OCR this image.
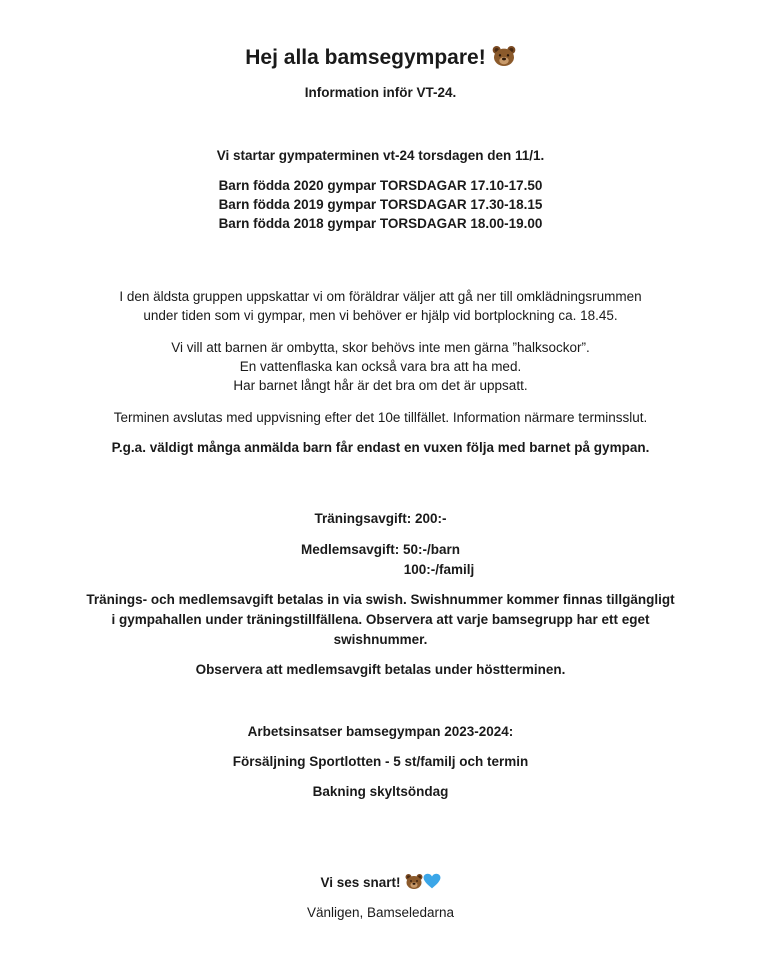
Hej alla bamsegympare!
Information inför VT-24.
Vi startar gympaterminen vt-24 torsdagen den 11/1.
Barn födda 2020 gympar TORSDAGAR 17.10-17.50
Barn födda 2019 gympar TORSDAGAR 17.30-18.15
Barn födda 2018 gympar TORSDAGAR 18.00-19.00
I den äldsta gruppen uppskattar vi om föräldrar väljer att gå ner till omklädningsrummen
under tiden som vi gympar, men vi behöver er hjälp vid bortplockning ca. 18.45.
Vi vill att barnen är ombytta, skor behövs inte men gärna ”halksockor”.
En vattenflaska kan också vara bra att ha med.
Har barnet långt hår är det bra om det är uppsatt.
Terminen avslutas med uppvisning efter det 10e tillfället. Information närmare terminsslut.
P.g.a. väldigt många anmälda barn får endast en vuxen följa med barnet på gympan.
Träningsavgift: 200:-
Medlemsavgift: 50:-/barn
100:-/familj
Tränings- och medlemsavgift betalas in via swish. Swishnummer kommer finnas tillgängligt
i gympahallen under träningstillfällena. Observera att varje bamsegrupp har ett eget
swishnummer.
Observera att medlemsavgift betalas under höstterminen.
Arbetsinsatser bamsegympan 2023-2024:
Försäljning Sportlotten - 5 st/familj och termin
Bakning skyltsöndag
Vi ses snart!
Vänligen, Bamseledarna
